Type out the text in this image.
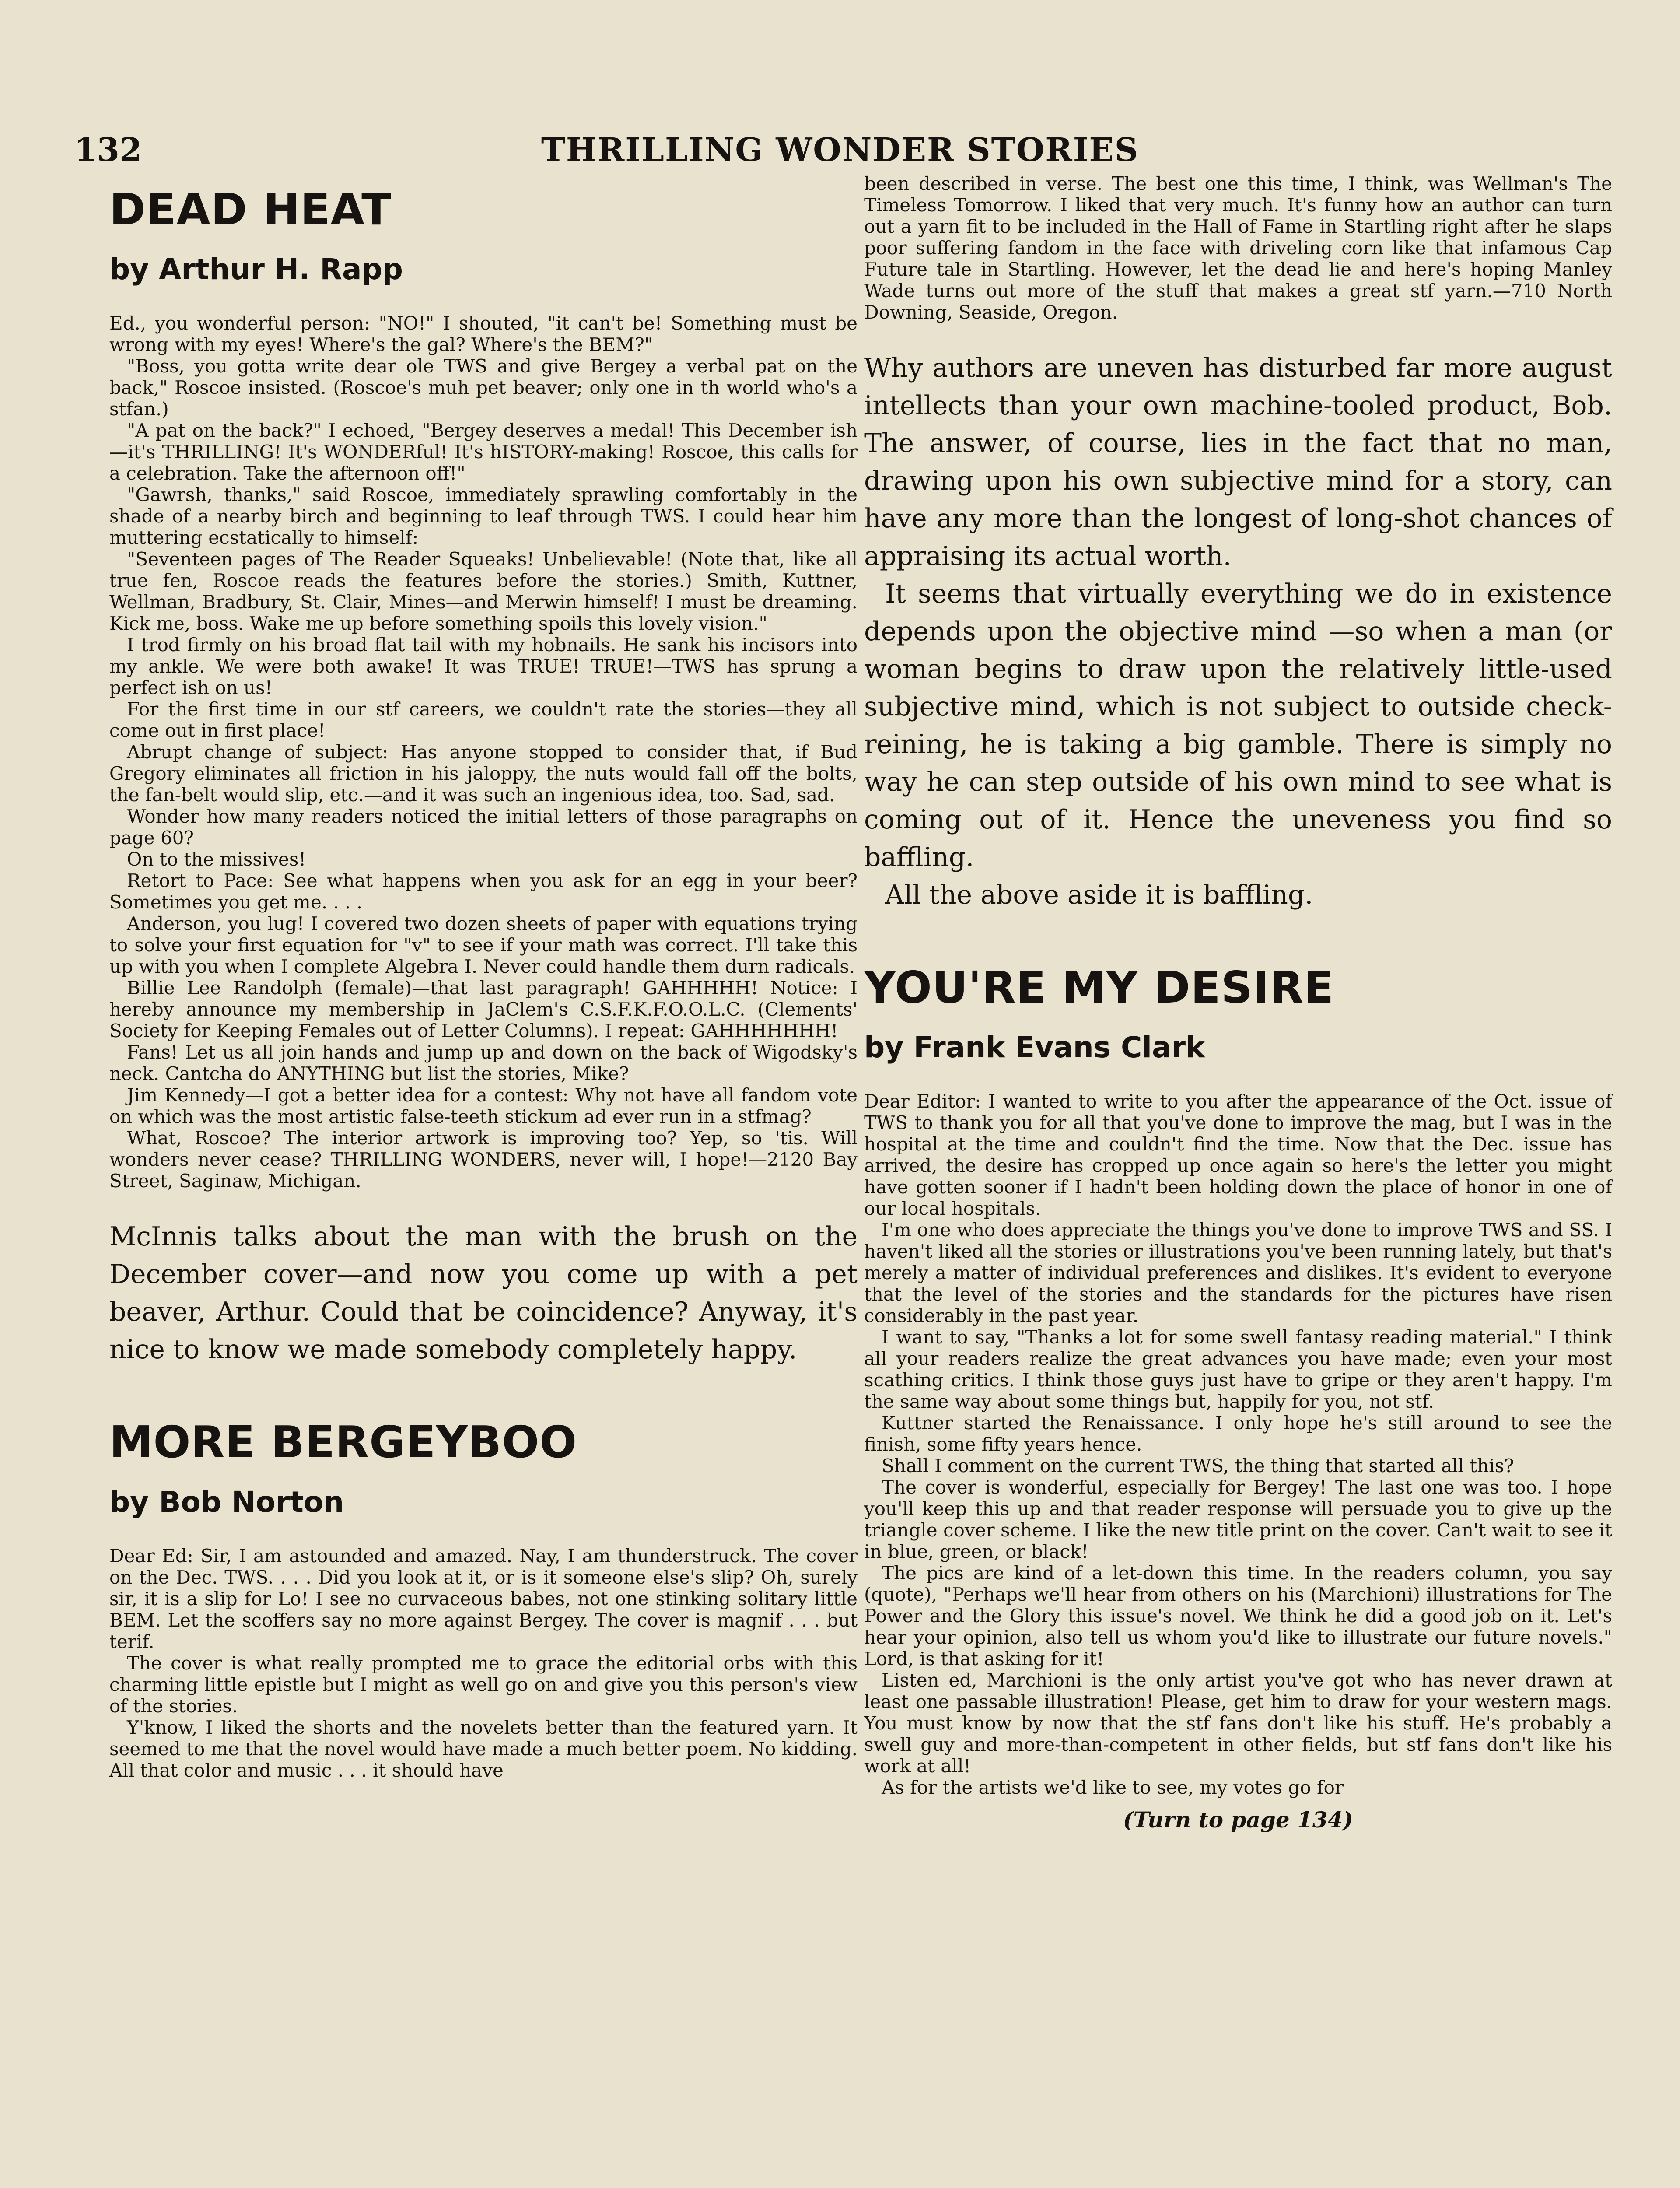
132	THRILLING WONDER STORIES
DEAD HEAT
by Arthur H. Rapp

Ed., you wonderful person: "NO!" I shouted, "it can't be! Something must be wrong with my eyes! Where's the gal? Where's the BEM?"

"Boss, you gotta write dear ole TWS and give Bergey a verbal pat on the back," Roscoe insisted. (Roscoe's muh pet beaver; only one in th world who's a stfan.)

"A pat on the back?" I echoed, "Bergey deserves a medal! This December ish—it's THRILLING! It's WONDERful! It's hISTORY-making! Roscoe, this calls for a celebration. Take the afternoon off!"

"Gawrsh, thanks," said Roscoe, immediately sprawling comfortably in the shade of a nearby birch and beginning to leaf through TWS. I could hear him muttering ecstatically to himself:

"Seventeen pages of The Reader Squeaks! Unbelievable! (Note that, like all true fen, Roscoe reads the features before the stories.) Smith, Kuttner, Wellman, Bradbury, St. Clair, Mines—and Merwin himself! I must be dreaming. Kick me, boss. Wake me up before something spoils this lovely vision."

I trod firmly on his broad flat tail with my hobnails. He sank his incisors into my ankle. We were both awake! It was TRUE! TRUE!—TWS has sprung a perfect ish on us!

For the first time in our stf careers, we couldn't rate the stories—they all come out in first place!

Abrupt change of subject: Has anyone stopped to consider that, if Bud Gregory eliminates all friction in his jaloppy, the nuts would fall off the bolts, the fan-belt would slip, etc.—and it was such an ingenious idea, too. Sad, sad.

Wonder how many readers noticed the initial letters of those paragraphs on page 60?

On to the missives!

Retort to Pace: See what happens when you ask for an egg in your beer? Sometimes you get me. . . .

Anderson, you lug! I covered two dozen sheets of paper with equations trying to solve your first equation for "v" to see if your math was correct. I'll take this up with you when I complete Algebra I. Never could handle them durn radicals.

Billie Lee Randolph (female)—that last paragraph! GAHHHHH! Notice: I hereby announce my membership in JaClem's C.S.F.K.F.O.O.L.C. (Clements' Society for Keeping Females out of Letter Columns). I repeat: GAHHHHHHH!

Fans! Let us all join hands and jump up and down on the back of Wigodsky's neck. Cantcha do ANYTHING but list the stories, Mike?

Jim Kennedy—I got a better idea for a contest: Why not have all fandom vote on which was the most artistic false-teeth stickum ad ever run in a stfmag?

What, Roscoe? The interior artwork is improving too? Yep, so 'tis. Will wonders never cease? THRILLING WONDERS, never will, I hope!—2120 Bay Street, Saginaw, Michigan.

McInnis talks about the man with the brush on the December cover—and now you come up with a pet beaver, Arthur. Could that be coincidence? Anyway, it's nice to know we made somebody completely happy.

MORE BERGEYBOO
by Bob Norton

Dear Ed: Sir, I am astounded and amazed. Nay, I am thunderstruck. The cover on the Dec. TWS. . . . Did you look at it, or is it someone else's slip? Oh, surely sir, it is a slip for Lo! I see no curvaceous babes, not one stinking solitary little BEM. Let the scoffers say no more against Bergey. The cover is magnif . . . but terif.

The cover is what really prompted me to grace the editorial orbs with this charming little epistle but I might as well go on and give you this person's view of the stories.

Y'know, I liked the shorts and the novelets better than the featured yarn. It seemed to me that the novel would have made a much better poem. No kidding. All that color and music . . . it should have

been described in verse. The best one this time, I think, was Wellman's The Timeless Tomorrow. I liked that very much. It's funny how an author can turn out a yarn fit to be included in the Hall of Fame in Startling right after he slaps poor suffering fandom in the face with driveling corn like that infamous Cap Future tale in Startling. However, let the dead lie and here's hoping Manley Wade turns out more of the stuff that makes a great stf yarn.—710 North Downing, Seaside, Oregon.

Why authors are uneven has disturbed far more august intellects than your own machine-tooled product, Bob. The answer, of course, lies in the fact that no man, drawing upon his own subjective mind for a story, can have any more than the longest of long-shot chances of appraising its actual worth.

It seems that virtually everything we do in existence depends upon the objective mind —so when a man (or woman begins to draw upon the relatively little-used subjective mind, which is not subject to outside check-reining, he is taking a big gamble. There is simply no way he can step outside of his own mind to see what is coming out of it. Hence the uneveness you find so baffling.

All the above aside it is baffling.

YOU'RE MY DESIRE
by Frank Evans Clark

Dear Editor: I wanted to write to you after the appearance of the Oct. issue of TWS to thank you for all that you've done to improve the mag, but I was in the hospital at the time and couldn't find the time. Now that the Dec. issue has arrived, the desire has cropped up once again so here's the letter you might have gotten sooner if I hadn't been holding down the place of honor in one of our local hospitals.

I'm one who does appreciate the things you've done to improve TWS and SS. I haven't liked all the stories or illustrations you've been running lately, but that's merely a matter of individual preferences and dislikes. It's evident to everyone that the level of the stories and the standards for the pictures have risen considerably in the past year.

I want to say, "Thanks a lot for some swell fantasy reading material." I think all your readers realize the great advances you have made; even your most scathing critics. I think those guys just have to gripe or they aren't happy. I'm the same way about some things but, happily for you, not stf.

Kuttner started the Renaissance. I only hope he's still around to see the finish, some fifty years hence.

Shall I comment on the current TWS, the thing that started all this?

The cover is wonderful, especially for Bergey! The last one was too. I hope you'll keep this up and that reader response will persuade you to give up the triangle cover scheme. I like the new title print on the cover. Can't wait to see it in blue, green, or black!

The pics are kind of a let-down this time. In the readers column, you say (quote), "Perhaps we'll hear from others on his (Marchioni) illustrations for The Power and the Glory this issue's novel. We think he did a good job on it. Let's hear your opinion, also tell us whom you'd like to illustrate our future novels." Lord, is that asking for it!

Listen ed, Marchioni is the only artist you've got who has never drawn at least one passable illustration! Please, get him to draw for your western mags. You must know by now that the stf fans don't like his stuff. He's probably a swell guy and more-than-competent in other fields, but stf fans don't like his work at all!

As for the artists we'd like to see, my votes go for

(Turn to page 134)
